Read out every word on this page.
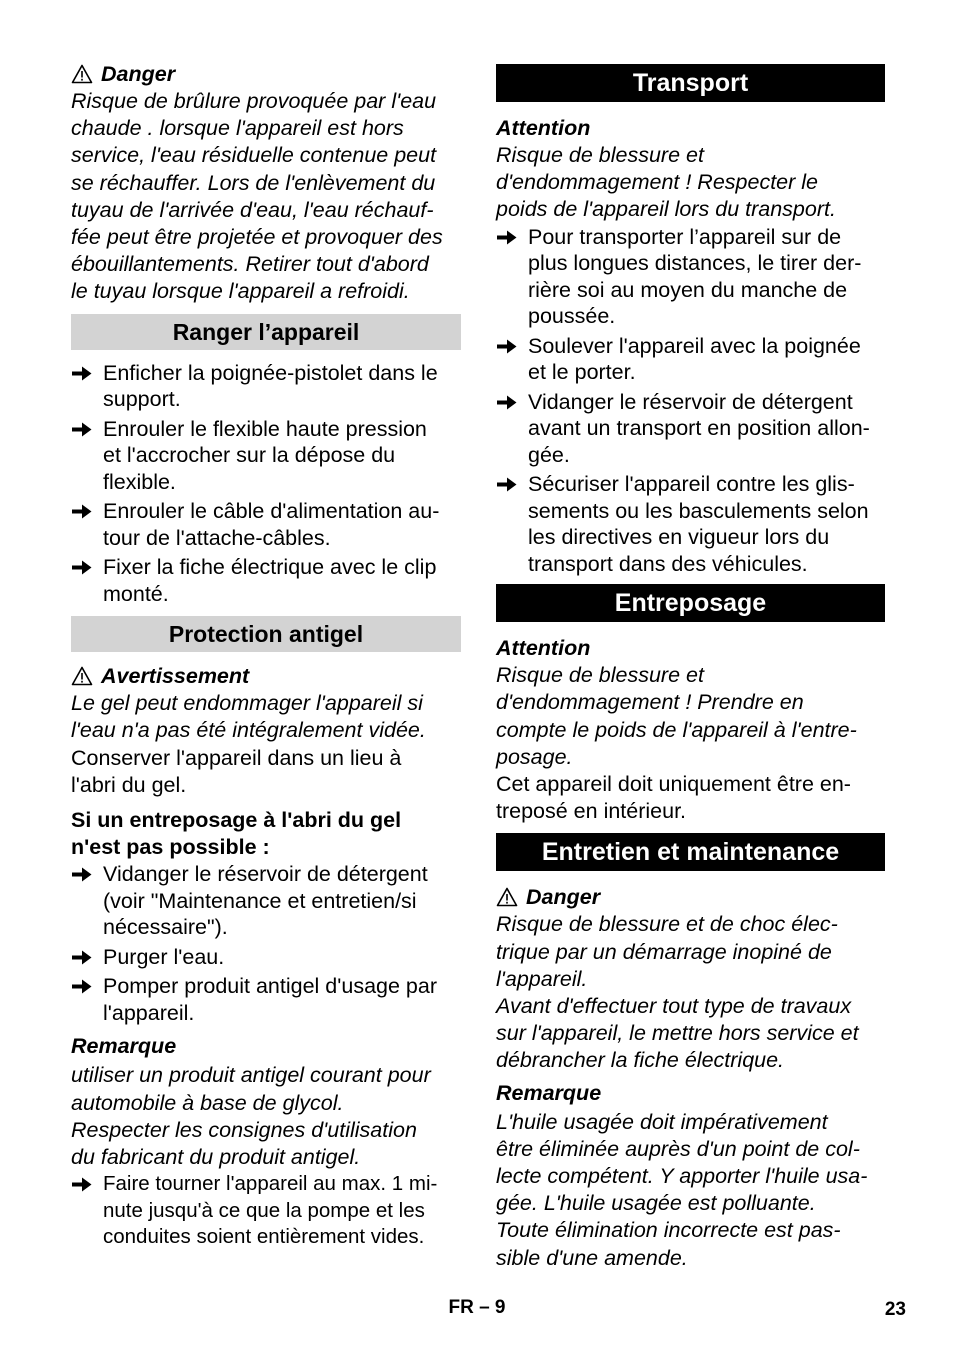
Danger

Risque de brûlure provoquée par l'eau
chaude . lorsque l'appareil est hors
service, l'eau résiduelle contenue peut
se réchauffer. Lors de l'enlèvement du
tuyau de l'arrivée d'eau, l'eau réchauf-
fée peut être projetée et provoquer des
ébouillantements. Retirer tout d'abord
le tuyau lorsque l'appareil a refroidi.
Ranger l’appareil
Enficher la poignée-pistolet dans le
support.
Enrouler le flexible haute pression
et l'accrocher sur la dépose du
flexible.
Enrouler le câble d'alimentation au-
tour de l'attache-câbles.
Fixer la fiche électrique avec le clip
monté.
Protection antigel

Avertissement

Le gel peut endommager l'appareil si
l'eau n'a pas été intégralement vidée.
Conserver l'appareil dans un lieu à
l'abri du gel.
Si un entreposage à l'abri du gel
n'est pas possible :
Vidanger le réservoir de détergent
(voir "Maintenance et entretien/si
nécessaire").
Purger l'eau.
Pomper produit antigel d'usage par
l'appareil.

Remarque

utiliser un produit antigel courant pour
automobile à base de glycol.
Respecter les consignes d'utilisation
du fabricant du produit antigel.
Faire tourner l'appareil au max. 1 mi-
nute jusqu'à ce que la pompe et les
conduites soient entièrement vides.
Transport

Attention

Risque de blessure et
d'endommagement ! Respecter le
poids de l'appareil lors du transport.
Pour transporter l’appareil sur de
plus longues distances, le tirer der-
rière soi au moyen du manche de
poussée.
Soulever l'appareil avec la poignée
et le porter.
Vidanger le réservoir de détergent
avant un transport en position allon-
gée.
Sécuriser l'appareil contre les glis-
sements ou les basculements selon
les directives en vigueur lors du
transport dans des véhicules.
Entreposage

Attention

Risque de blessure et
d'endommagement ! Prendre en
compte le poids de l'appareil à l'entre-
posage.
Cet appareil doit uniquement être en-
treposé en intérieur.
Entretien et maintenance

Danger

Risque de blessure et de choc élec-
trique par un démarrage inopiné de
l'appareil.
Avant d'effectuer tout type de travaux
sur l'appareil, le mettre hors service et
débrancher la fiche électrique.

Remarque

L'huile usagée doit impérativement
être éliminée auprès d'un point de col-
lecte compétent. Y apporter l'huile usa-
gée. L'huile usagée est polluante.
Toute élimination incorrecte est pas-
sible d'une amende.
FR – 9	23
